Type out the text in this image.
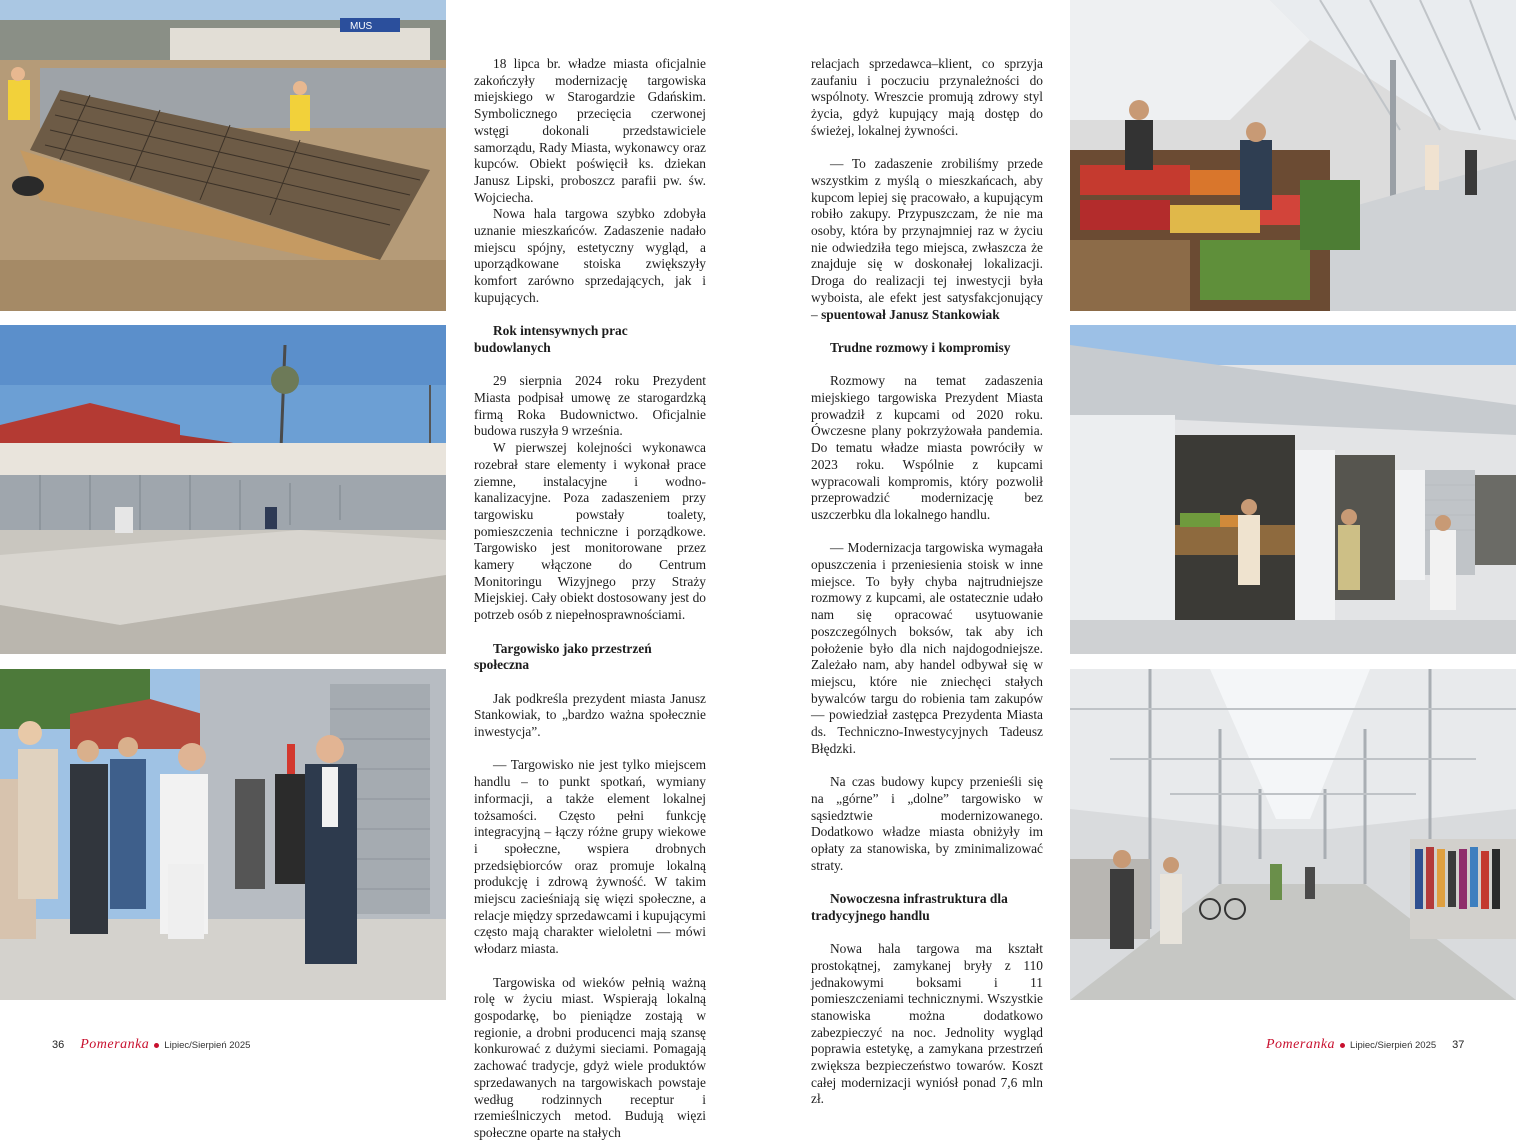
MUS

18 lipca br. władze miasta oficjalnie zakończyły modernizację targowiska miejskiego w Starogardzie Gdańskim. Symbolicznego przecięcia czerwonej wstęgi dokonali przedstawiciele samorządu, Rady Miasta, wykonawcy oraz kupców. Obiekt poświęcił ks. dziekan Janusz Lipski, proboszcz parafii pw. św. Wojciecha.

Nowa hala targowa szybko zdobyła uznanie mieszkańców. Zadaszenie nadało miejscu spójny, estetyczny wygląd, a uporządkowane stoiska zwiększyły komfort zarówno sprzedających, jak i kupujących.

Rok intensywnych prac budowlanych

29 sierpnia 2024 roku Prezydent Miasta podpisał umowę ze starogardzką firmą Roka Budownictwo. Oficjalnie budowa ruszyła 9 września.

W pierwszej kolejności wykonawca rozebrał stare elementy i wykonał prace ziemne, instalacyjne i wodno-kanalizacyjne. Poza zadaszeniem przy targowisku powstały toalety, pomieszczenia techniczne i porządkowe. Targowisko jest monitorowane przez kamery włączone do Centrum Monitoringu Wizyjnego przy Straży Miejskiej. Cały obiekt dostosowany jest do potrzeb osób z niepełnosprawnościami.

Targowisko jako przestrzeń społeczna

Jak podkreśla prezydent miasta Janusz Stankowiak, to „bardzo ważna społecznie inwestycja”.

— Targowisko nie jest tylko miejscem handlu – to punkt spotkań, wymiany informacji, a także element lokalnej tożsamości. Często pełni funkcję integracyjną – łączy różne grupy wiekowe i społeczne, wspiera drobnych przedsiębiorców oraz promuje lokalną produkcję i zdrową żywność. W takim miejscu zacieśniają się więzi społeczne, a relacje między sprzedawcami i kupującymi często mają charakter wieloletni — mówi włodarz miasta.

Targowiska od wieków pełnią ważną rolę w życiu miast. Wspierają lokalną gospodarkę, bo pieniądze zostają w regionie, a drobni producenci mają szansę konkurować z dużymi sieciami. Pomagają zachować tradycje, gdyż wiele produktów sprzedawanych na targowiskach powstaje według rodzinnych receptur i rzemieślniczych metod. Budują więzi społeczne oparte na stałych

relacjach sprzedawca–klient, co sprzyja zaufaniu i poczuciu przynależności do wspólnoty. Wreszcie promują zdrowy styl życia, gdyż kupujący mają dostęp do świeżej, lokalnej żywności.

— To zadaszenie zrobiliśmy przede wszystkim z myślą o mieszkańcach, aby kupcom lepiej się pracowało, a kupującym robiło zakupy. Przypuszczam, że nie ma osoby, która by przynajmniej raz w życiu nie odwiedziła tego miejsca, zwłaszcza że znajduje się w doskonałej lokalizacji. Droga do realizacji tej inwestycji była wyboista, ale efekt jest satysfakcjonujący – spuentował Janusz Stankowiak

Trudne rozmowy i kompromisy

Rozmowy na temat zadaszenia miejskiego targowiska Prezydent Miasta prowadził z kupcami od 2020 roku. Ówczesne plany pokrzyżowała pandemia. Do tematu władze miasta powróciły w 2023 roku. Wspólnie z kupcami wypracowali kompromis, który pozwolił przeprowadzić modernizację bez uszczerbku dla lokalnego handlu.

— Modernizacja targowiska wymagała opuszczenia i przeniesienia stoisk w inne miejsce. To były chyba najtrudniejsze rozmowy z kupcami, ale ostatecznie udało nam się opracować usytuowanie poszczególnych boksów, tak aby ich położenie było dla nich najdogodniejsze. Zależało nam, aby handel odbywał się w miejscu, które nie zniechęci stałych bywalców targu do robienia tam zakupów — powiedział zastępca Prezydenta Miasta ds. Techniczno-Inwestycyjnych Tadeusz Błędzki.

Na czas budowy kupcy przenieśli się na „górne” i „dolne” targowisko w sąsiedztwie modernizowanego. Dodatkowo władze miasta obniżyły im opłaty za stanowiska, by zminimalizować straty.

Nowoczesna infrastruktura dla tradycyjnego handlu

Nowa hala targowa ma kształt prostokątnej, zamykanej bryły z 110 jednakowymi boksami i 11 pomieszczeniami technicznymi. Wszystkie stanowiska można dodatkowo zabezpieczyć na noc. Jednolity wygląd poprawia estetykę, a zamykana przestrzeń zwiększa bezpieczeństwo towarów. Koszt całej modernizacji wyniósł ponad 7,6 mln zł.

36 Pomeranka Lipiec/Sierpień 2025	Pomeranka Lipiec/Sierpień 2025 37
